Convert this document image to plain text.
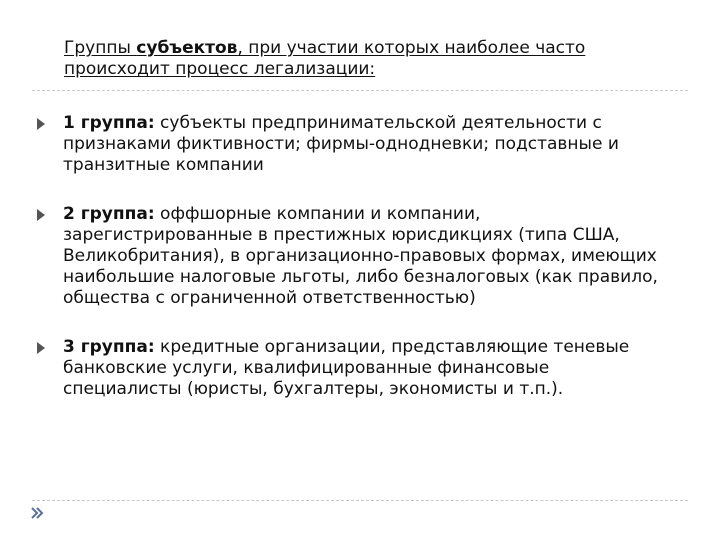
Группы субъектов, при участии которых наиболее часто происходит процесс легализации:
1 группа: субъекты предпринимательской деятельности с признаками фиктивности; фирмы-однодневки; подставные и транзитные компании
2 группа: оффшорные компании и компании, зарегистрированные в престижных юрисдикциях (типа США, Великобритания), в организационно-правовых формах, имеющих наибольшие налоговые льготы, либо безналоговых (как правило, общества с ограниченной ответственностью)
3 группа: кредитные организации, представляющие теневые банковские услуги, квалифицированные финансовые специалисты (юристы, бухгалтеры, экономисты и т.п.).
